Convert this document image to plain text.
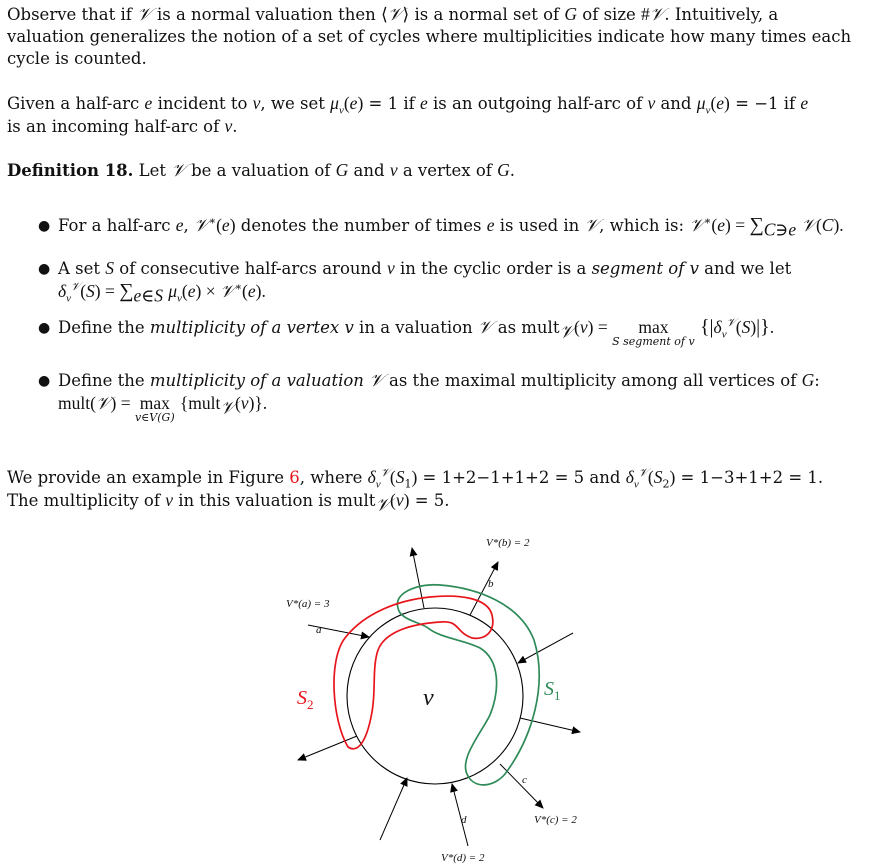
Observe that if 𝒱 is a normal valuation then ⟨𝒱⟩ is a normal set of G of size #𝒱. Intuitively, a
valuation generalizes the notion of a set of cycles where multiplicities indicate how many times each
cycle is counted.
Given a half-arc e incident to v, we set $\mu_v(e) = 1$ if e is an outgoing half-arc of v and $\mu_v(e) = -1$ if e
is an incoming half-arc of v.
Definition 18. Let 𝒱 be a valuation of G and v a vertex of G.
● For a half-arc e, 𝒱∗(e) denotes the number of times e is used in 𝒱, which is: 𝒱∗(e) = $\sum_{C∋e}$ 𝒱(C).
● A set S of consecutive half-arcs around v in the cyclic order is a segment of v and we let
$\delta_v^𝒱(S) = \sum_{e\in S}$ $\mu_v(e)$ × 𝒱∗(e).
● Define the multiplicity of a vertex v in a valuation 𝒱 as mult$_𝒱$(v) = max
S segment of v
$\{|\delta_v^𝒱(S)|\}$.
● Define the multiplicity of a valuation 𝒱 as the maximal multiplicity among all vertices of G:
mult(𝒱) = max
v∈V(G)
{mult$_𝒱$(v)}.
We provide an example in Figure 6, where $\delta_v^𝒱(S_1) = 1+2-1+1+2 = 5$ and $\delta_v^𝒱(S_2) = 1-3+1+2 = 1$.
The multiplicity of v in this valuation is mult$_𝒱$(v) = 5.
v	$S_1$
$S_2$
a
b
c
d
V*(a) = 3
V*(b) = 2
V*(c) = 2
V*(d) = 2
